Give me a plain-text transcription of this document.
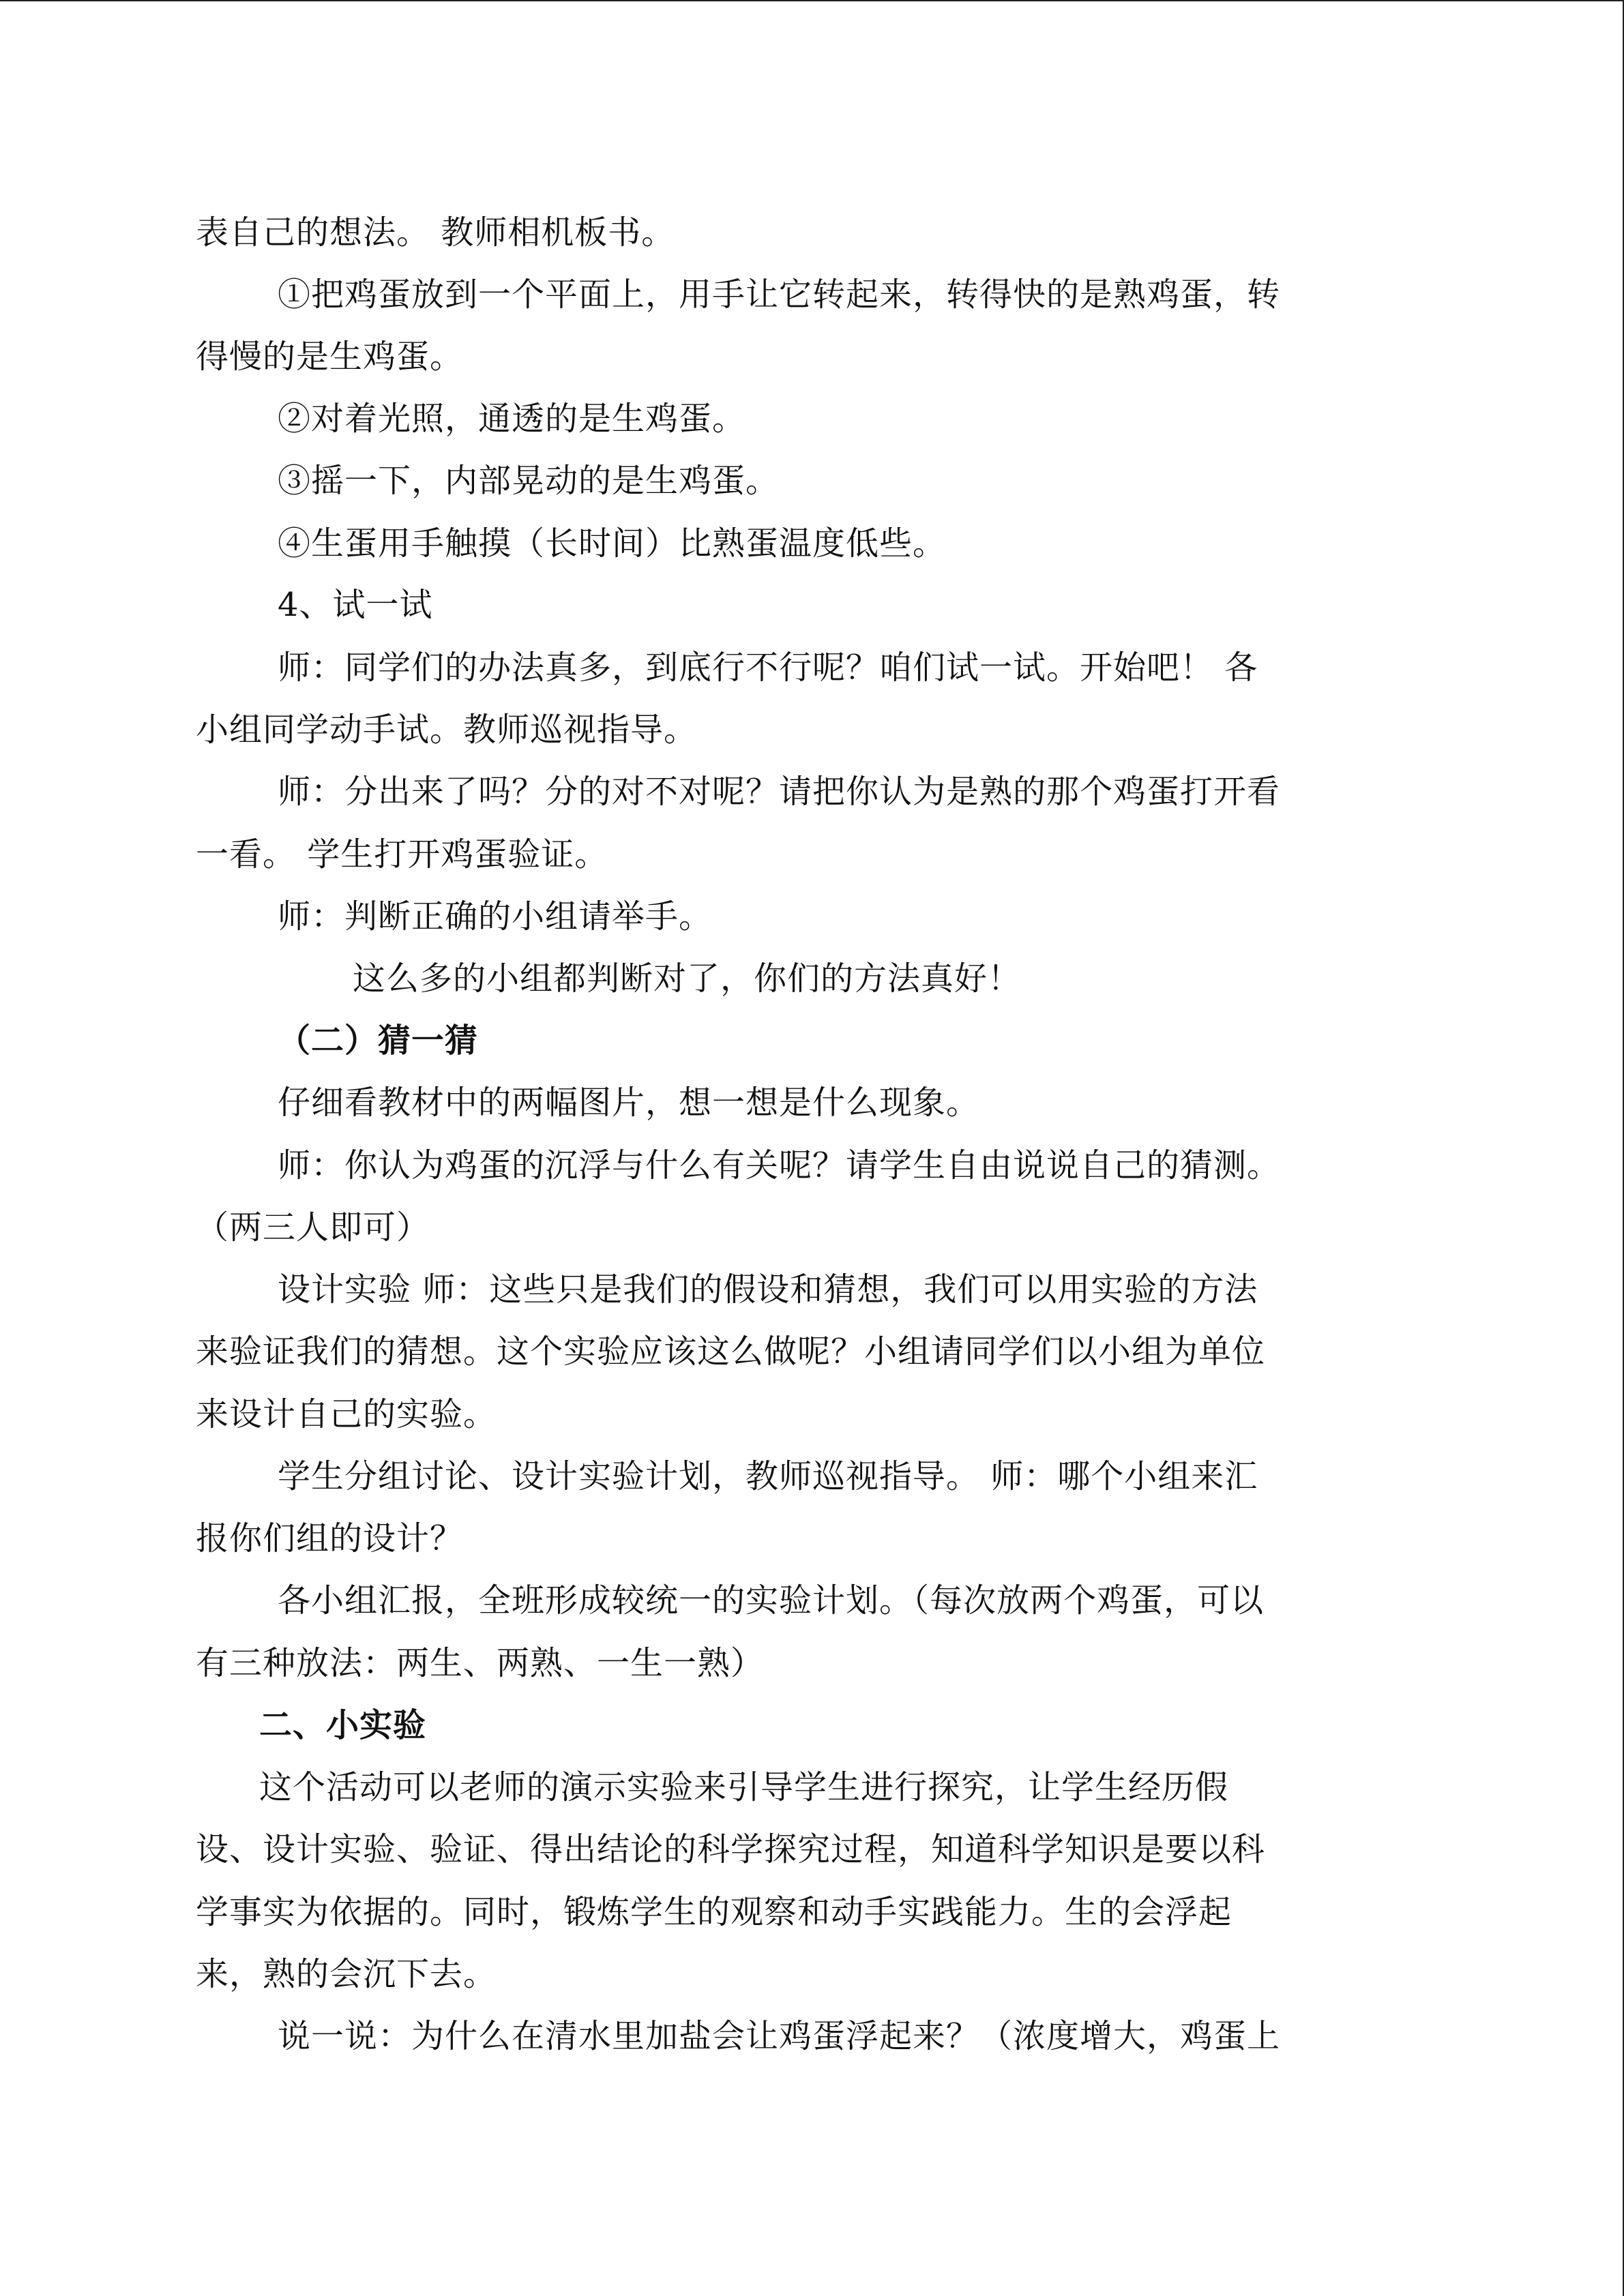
表自己的想法。 教师相机板书。
①把鸡蛋放到一个平面上，用手让它转起来，转得快的是熟鸡蛋，转
得慢的是生鸡蛋。
②对着光照，通透的是生鸡蛋。
③摇一下，内部晃动的是生鸡蛋。
④生蛋用手触摸（长时间）比熟蛋温度低些。
4、试一试
师：同学们的办法真多，到底行不行呢？咱们试一试。开始吧！ 各
小组同学动手试。教师巡视指导。
师：分出来了吗？分的对不对呢？请把你认为是熟的那个鸡蛋打开看
一看。 学生打开鸡蛋验证。
师：判断正确的小组请举手。
这么多的小组都判断对了，你们的方法真好！
（二）猜一猜
仔细看教材中的两幅图片，想一想是什么现象。
师：你认为鸡蛋的沉浮与什么有关呢？请学生自由说说自己的猜测。
（两三人即可）
设计实验 师：这些只是我们的假设和猜想，我们可以用实验的方法
来验证我们的猜想。这个实验应该这么做呢？小组请同学们以小组为单位
来设计自己的实验。
学生分组讨论、设计实验计划，教师巡视指导。 师：哪个小组来汇
报你们组的设计？
各小组汇报，全班形成较统一的实验计划。（每次放两个鸡蛋，可以
有三种放法：两生、两熟、一生一熟）
二、小实验
这个活动可以老师的演示实验来引导学生进行探究，让学生经历假
设、设计实验、验证、得出结论的科学探究过程，知道科学知识是要以科
学事实为依据的。同时，锻炼学生的观察和动手实践能力。生的会浮起
来，熟的会沉下去。
说一说：为什么在清水里加盐会让鸡蛋浮起来？（浓度增大，鸡蛋上
